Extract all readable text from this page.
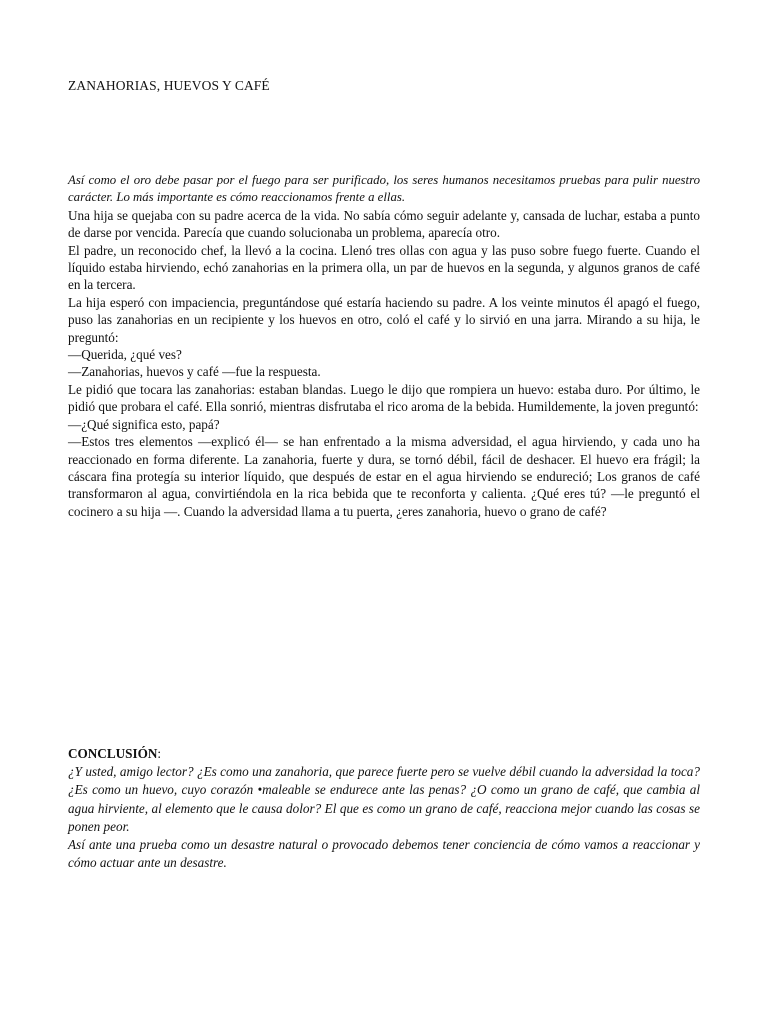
ZANAHORIAS, HUEVOS Y CAFÉ

Así como el oro debe pasar por el fuego para ser purificado, los seres humanos necesitamos pruebas para pulir nuestro carácter. Lo más importante es cómo reaccionamos frente a ellas.

Una hija se quejaba con su padre acerca de la vida. No sabía cómo seguir adelante y, cansada de luchar, estaba a punto de darse por vencida. Parecía que cuando solucionaba un problema, aparecía otro.

El padre, un reconocido chef, la llevó a la cocina. Llenó tres ollas con agua y las puso sobre fuego fuerte. Cuando el líquido estaba hirviendo, echó zanahorias en la primera olla, un par de huevos en la segunda, y algunos granos de café en la tercera.

La hija esperó con impaciencia, preguntándose qué estaría haciendo su padre. A los veinte minutos él apagó el fuego, puso las zanahorias en un recipiente y los huevos en otro, coló el café y lo sirvió en una jarra. Mirando a su hija, le preguntó:

—Querida, ¿qué ves?

—Zanahorias, huevos y café —fue la respuesta.

Le pidió que tocara las zanahorias: estaban blandas. Luego le dijo que rompiera un huevo: estaba duro. Por último, le pidió que probara el café. Ella sonrió, mientras disfrutaba el rico aroma de la bebida. Humildemente, la joven preguntó:

—¿Qué significa esto, papá?

—Estos tres elementos —explicó él— se han enfrentado a la misma adversidad, el agua hirviendo, y cada uno ha reaccionado en forma diferente. La zanahoria, fuerte y dura, se tornó débil, fácil de deshacer. El huevo era frágil; la cáscara fina protegía su interior líquido, que después de estar en el agua hirviendo se endureció; Los granos de café transformaron al agua, convirtiéndola en la rica bebida que te reconforta y calienta. ¿Qué eres tú? —le preguntó el cocinero a su hija —. Cuando la adversidad llama a tu puerta, ¿eres zanahoria, huevo o grano de café?

CONCLUSIÓN:

¿Y usted, amigo lector? ¿Es como una zanahoria, que parece fuerte pero se vuelve débil cuando la adversidad la toca? ¿Es como un huevo, cuyo corazón •maleable se endurece ante las penas? ¿O como un grano de café, que cambia al agua hirviente, al elemento que le causa dolor? El que es como un grano de café, reacciona mejor cuando las cosas se ponen peor.

Así ante una prueba como un desastre natural o provocado debemos tener conciencia de cómo vamos a reaccionar y cómo actuar ante un desastre.
